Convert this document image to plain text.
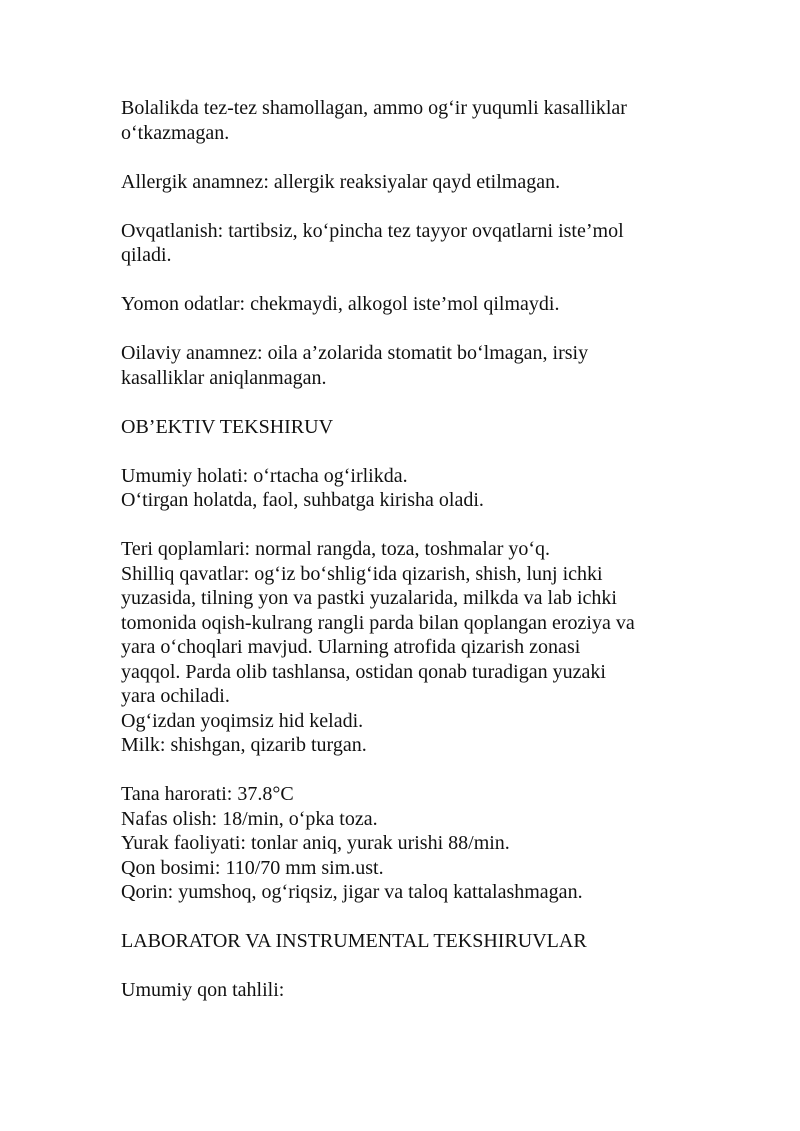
Bolalikda tez-tez shamollagan, ammo og‘ir yuqumli kasalliklar
o‘tkazmagan.

Allergik anamnez: allergik reaksiyalar qayd etilmagan.

Ovqatlanish: tartibsiz, ko‘pincha tez tayyor ovqatlarni iste’mol
qiladi.

Yomon odatlar: chekmaydi, alkogol iste’mol qilmaydi.

Oilaviy anamnez: oila a’zolarida stomatit bo‘lmagan, irsiy
kasalliklar aniqlanmagan.

OB’EKTIV TEKSHIRUV

Umumiy holati: o‘rtacha og‘irlikda.
O‘tirgan holatda, faol, suhbatga kirisha oladi.

Teri qoplamlari: normal rangda, toza, toshmalar yo‘q.
Shilliq qavatlar: og‘iz bo‘shlig‘ida qizarish, shish, lunj ichki
yuzasida, tilning yon va pastki yuzalarida, milkda va lab ichki
tomonida oqish-kulrang rangli parda bilan qoplangan eroziya va
yara o‘choqlari mavjud. Ularning atrofida qizarish zonasi
yaqqol. Parda olib tashlansa, ostidan qonab turadigan yuzaki
yara ochiladi.
Og‘izdan yoqimsiz hid keladi.
Milk: shishgan, qizarib turgan.

Tana harorati: 37.8°C
Nafas olish: 18/min, o‘pka toza.
Yurak faoliyati: tonlar aniq, yurak urishi 88/min.
Qon bosimi: 110/70 mm sim.ust.
Qorin: yumshoq, og‘riqsiz, jigar va taloq kattalashmagan.

LABORATOR VA INSTRUMENTAL TEKSHIRUVLAR

Umumiy qon tahlili:
